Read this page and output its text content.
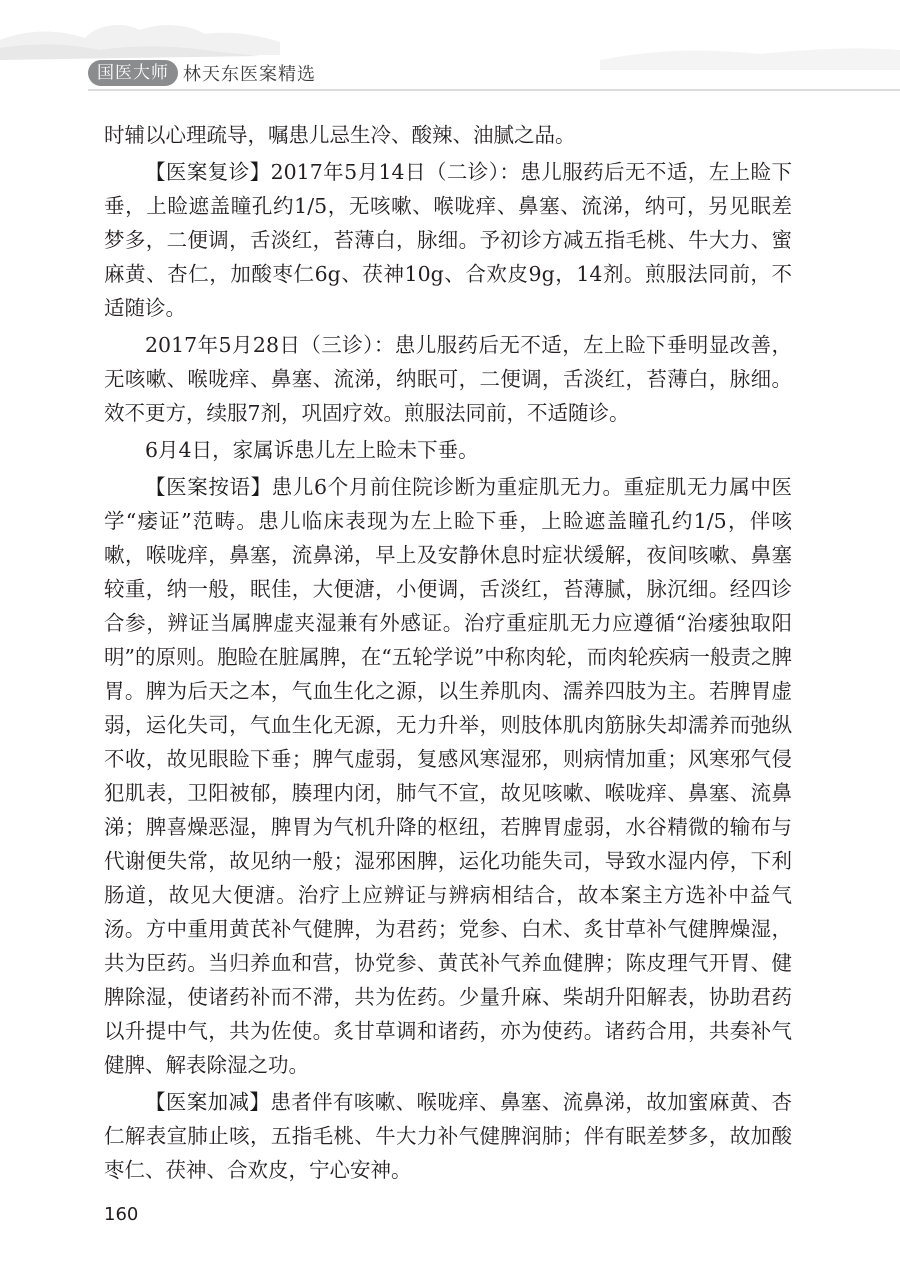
国医大师 林天东医案精选

时辅以心理疏导，嘱患儿忌生冷、酸辣、油腻之品。

【医案复诊】2017年5月14日（二诊）：患儿服药后无不适，左上睑下垂，上睑遮盖瞳孔约1/5，无咳嗽、喉咙痒、鼻塞、流涕，纳可，另见眠差梦多，二便调，舌淡红，苔薄白，脉细。予初诊方减五指毛桃、牛大力、蜜麻黄、杏仁，加酸枣仁6g、茯神10g、合欢皮9g，14剂。煎服法同前，不适随诊。

2017年5月28日（三诊）：患儿服药后无不适，左上睑下垂明显改善，无咳嗽、喉咙痒、鼻塞、流涕，纳眠可，二便调，舌淡红，苔薄白，脉细。效不更方，续服7剂，巩固疗效。煎服法同前，不适随诊。

6月4日，家属诉患儿左上睑未下垂。

【医案按语】患儿6个月前住院诊断为重症肌无力。重症肌无力属中医学“痿证”范畴。患儿临床表现为左上睑下垂，上睑遮盖瞳孔约1/5，伴咳嗽，喉咙痒，鼻塞，流鼻涕，早上及安静休息时症状缓解，夜间咳嗽、鼻塞较重，纳一般，眠佳，大便溏，小便调，舌淡红，苔薄腻，脉沉细。经四诊合参，辨证当属脾虚夹湿兼有外感证。治疗重症肌无力应遵循“治痿独取阳明”的原则。胞睑在脏属脾，在“五轮学说”中称肉轮，而肉轮疾病一般责之脾胃。脾为后天之本，气血生化之源，以生养肌肉、濡养四肢为主。若脾胃虚弱，运化失司，气血生化无源，无力升举，则肢体肌肉筋脉失却濡养而弛纵不收，故见眼睑下垂；脾气虚弱，复感风寒湿邪，则病情加重；风寒邪气侵犯肌表，卫阳被郁，腠理内闭，肺气不宣，故见咳嗽、喉咙痒、鼻塞、流鼻涕；脾喜燥恶湿，脾胃为气机升降的枢纽，若脾胃虚弱，水谷精微的输布与代谢便失常，故见纳一般；湿邪困脾，运化功能失司，导致水湿内停，下利肠道，故见大便溏。治疗上应辨证与辨病相结合，故本案主方选补中益气汤。方中重用黄芪补气健脾，为君药；党参、白术、炙甘草补气健脾燥湿，共为臣药。当归养血和营，协党参、黄芪补气养血健脾；陈皮理气开胃、健脾除湿，使诸药补而不滞，共为佐药。少量升麻、柴胡升阳解表，协助君药以升提中气，共为佐使。炙甘草调和诸药，亦为使药。诸药合用，共奏补气健脾、解表除湿之功。

【医案加减】患者伴有咳嗽、喉咙痒、鼻塞、流鼻涕，故加蜜麻黄、杏仁解表宣肺止咳，五指毛桃、牛大力补气健脾润肺；伴有眠差梦多，故加酸枣仁、茯神、合欢皮，宁心安神。

160
